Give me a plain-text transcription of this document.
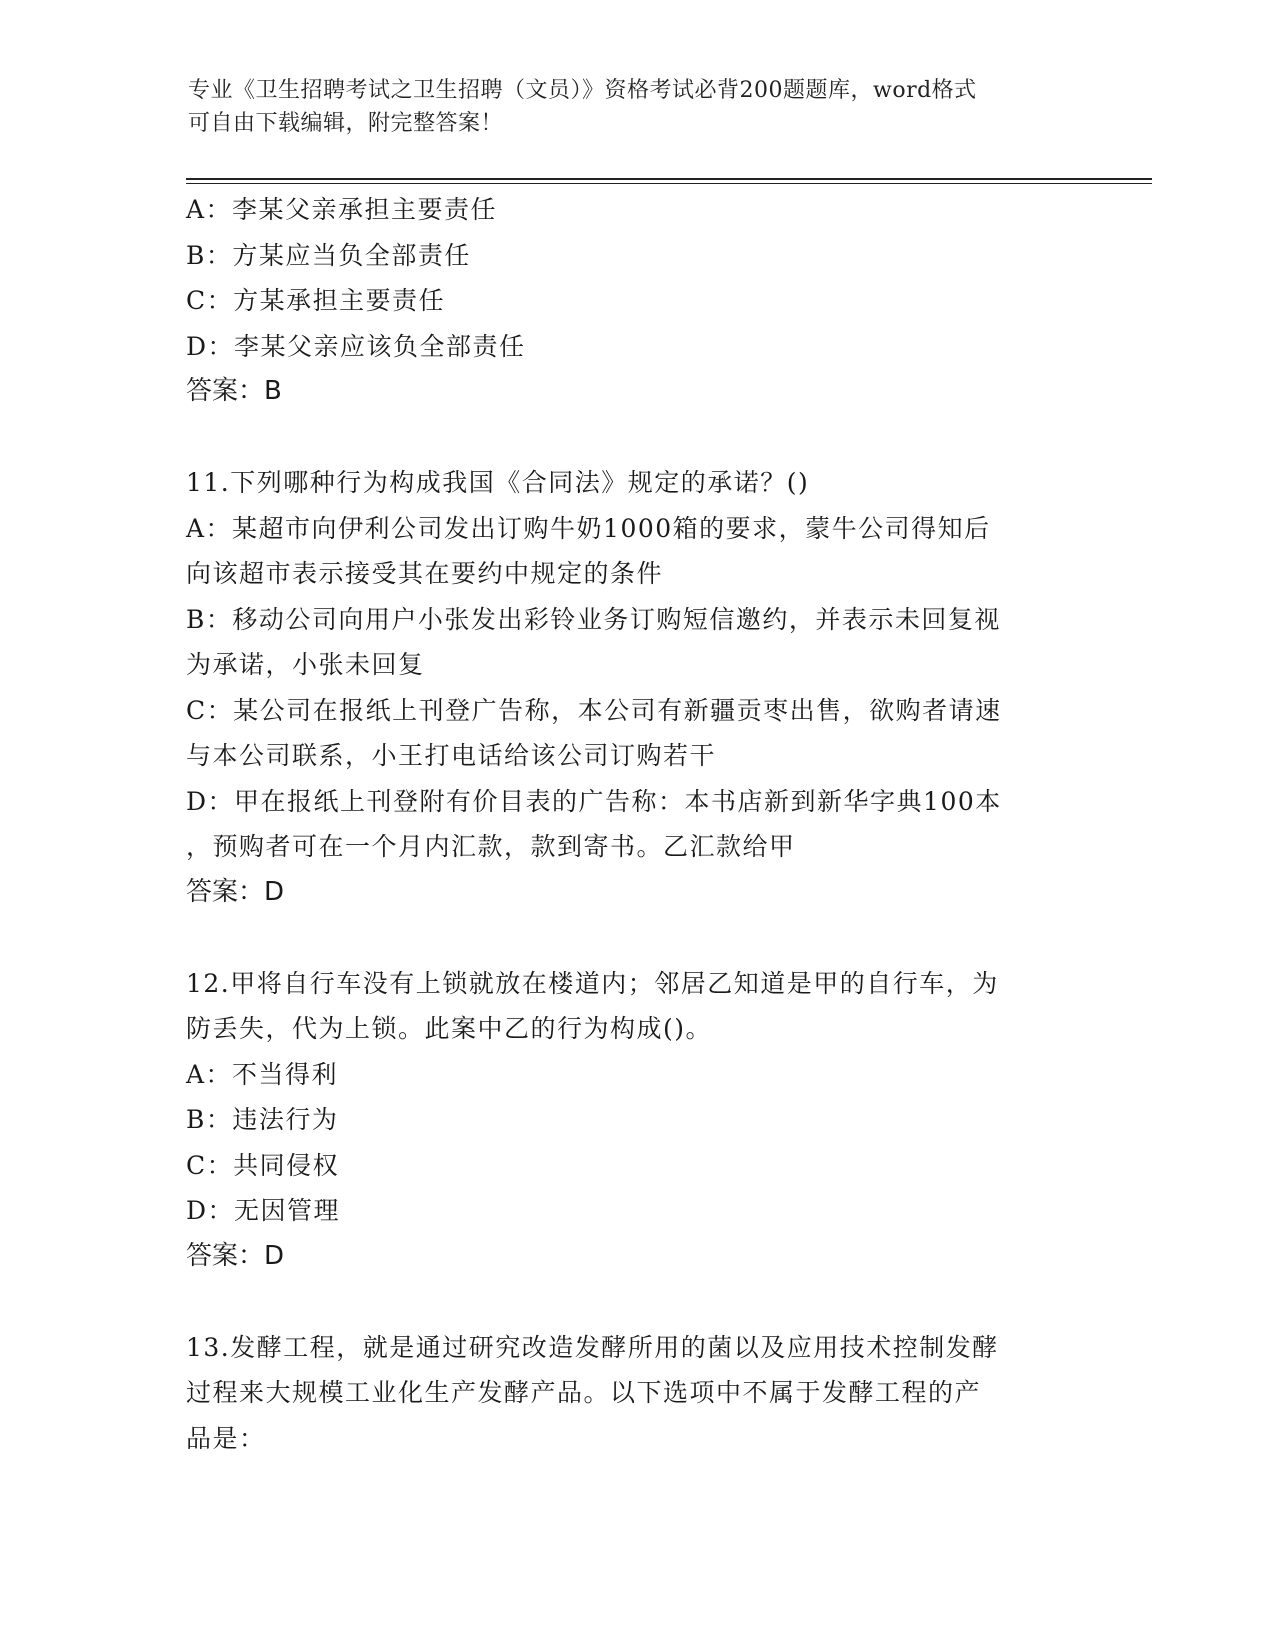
专业《卫生招聘考试之卫生招聘（文员）》资格考试必背200题题库，word格式
可自由下载编辑，附完整答案！
A：李某父亲承担主要责任
B：方某应当负全部责任
C：方某承担主要责任
D：李某父亲应该负全部责任
答案：B
11.下列哪种行为构成我国《合同法》规定的承诺？()
A：某超市向伊利公司发出订购牛奶1000箱的要求，蒙牛公司得知后
向该超市表示接受其在要约中规定的条件
B：移动公司向用户小张发出彩铃业务订购短信邀约，并表示未回复视
为承诺，小张未回复
C：某公司在报纸上刊登广告称，本公司有新疆贡枣出售，欲购者请速
与本公司联系，小王打电话给该公司订购若干
D：甲在报纸上刊登附有价目表的广告称：本书店新到新华字典100本
，预购者可在一个月内汇款，款到寄书。乙汇款给甲
答案：D
12.甲将自行车没有上锁就放在楼道内；邻居乙知道是甲的自行车，为
防丢失，代为上锁。此案中乙的行为构成()。
A：不当得利
B：违法行为
C：共同侵权
D：无因管理
答案：D
13.发酵工程，就是通过研究改造发酵所用的菌以及应用技术控制发酵
过程来大规模工业化生产发酵产品。以下选项中不属于发酵工程的产
品是：
